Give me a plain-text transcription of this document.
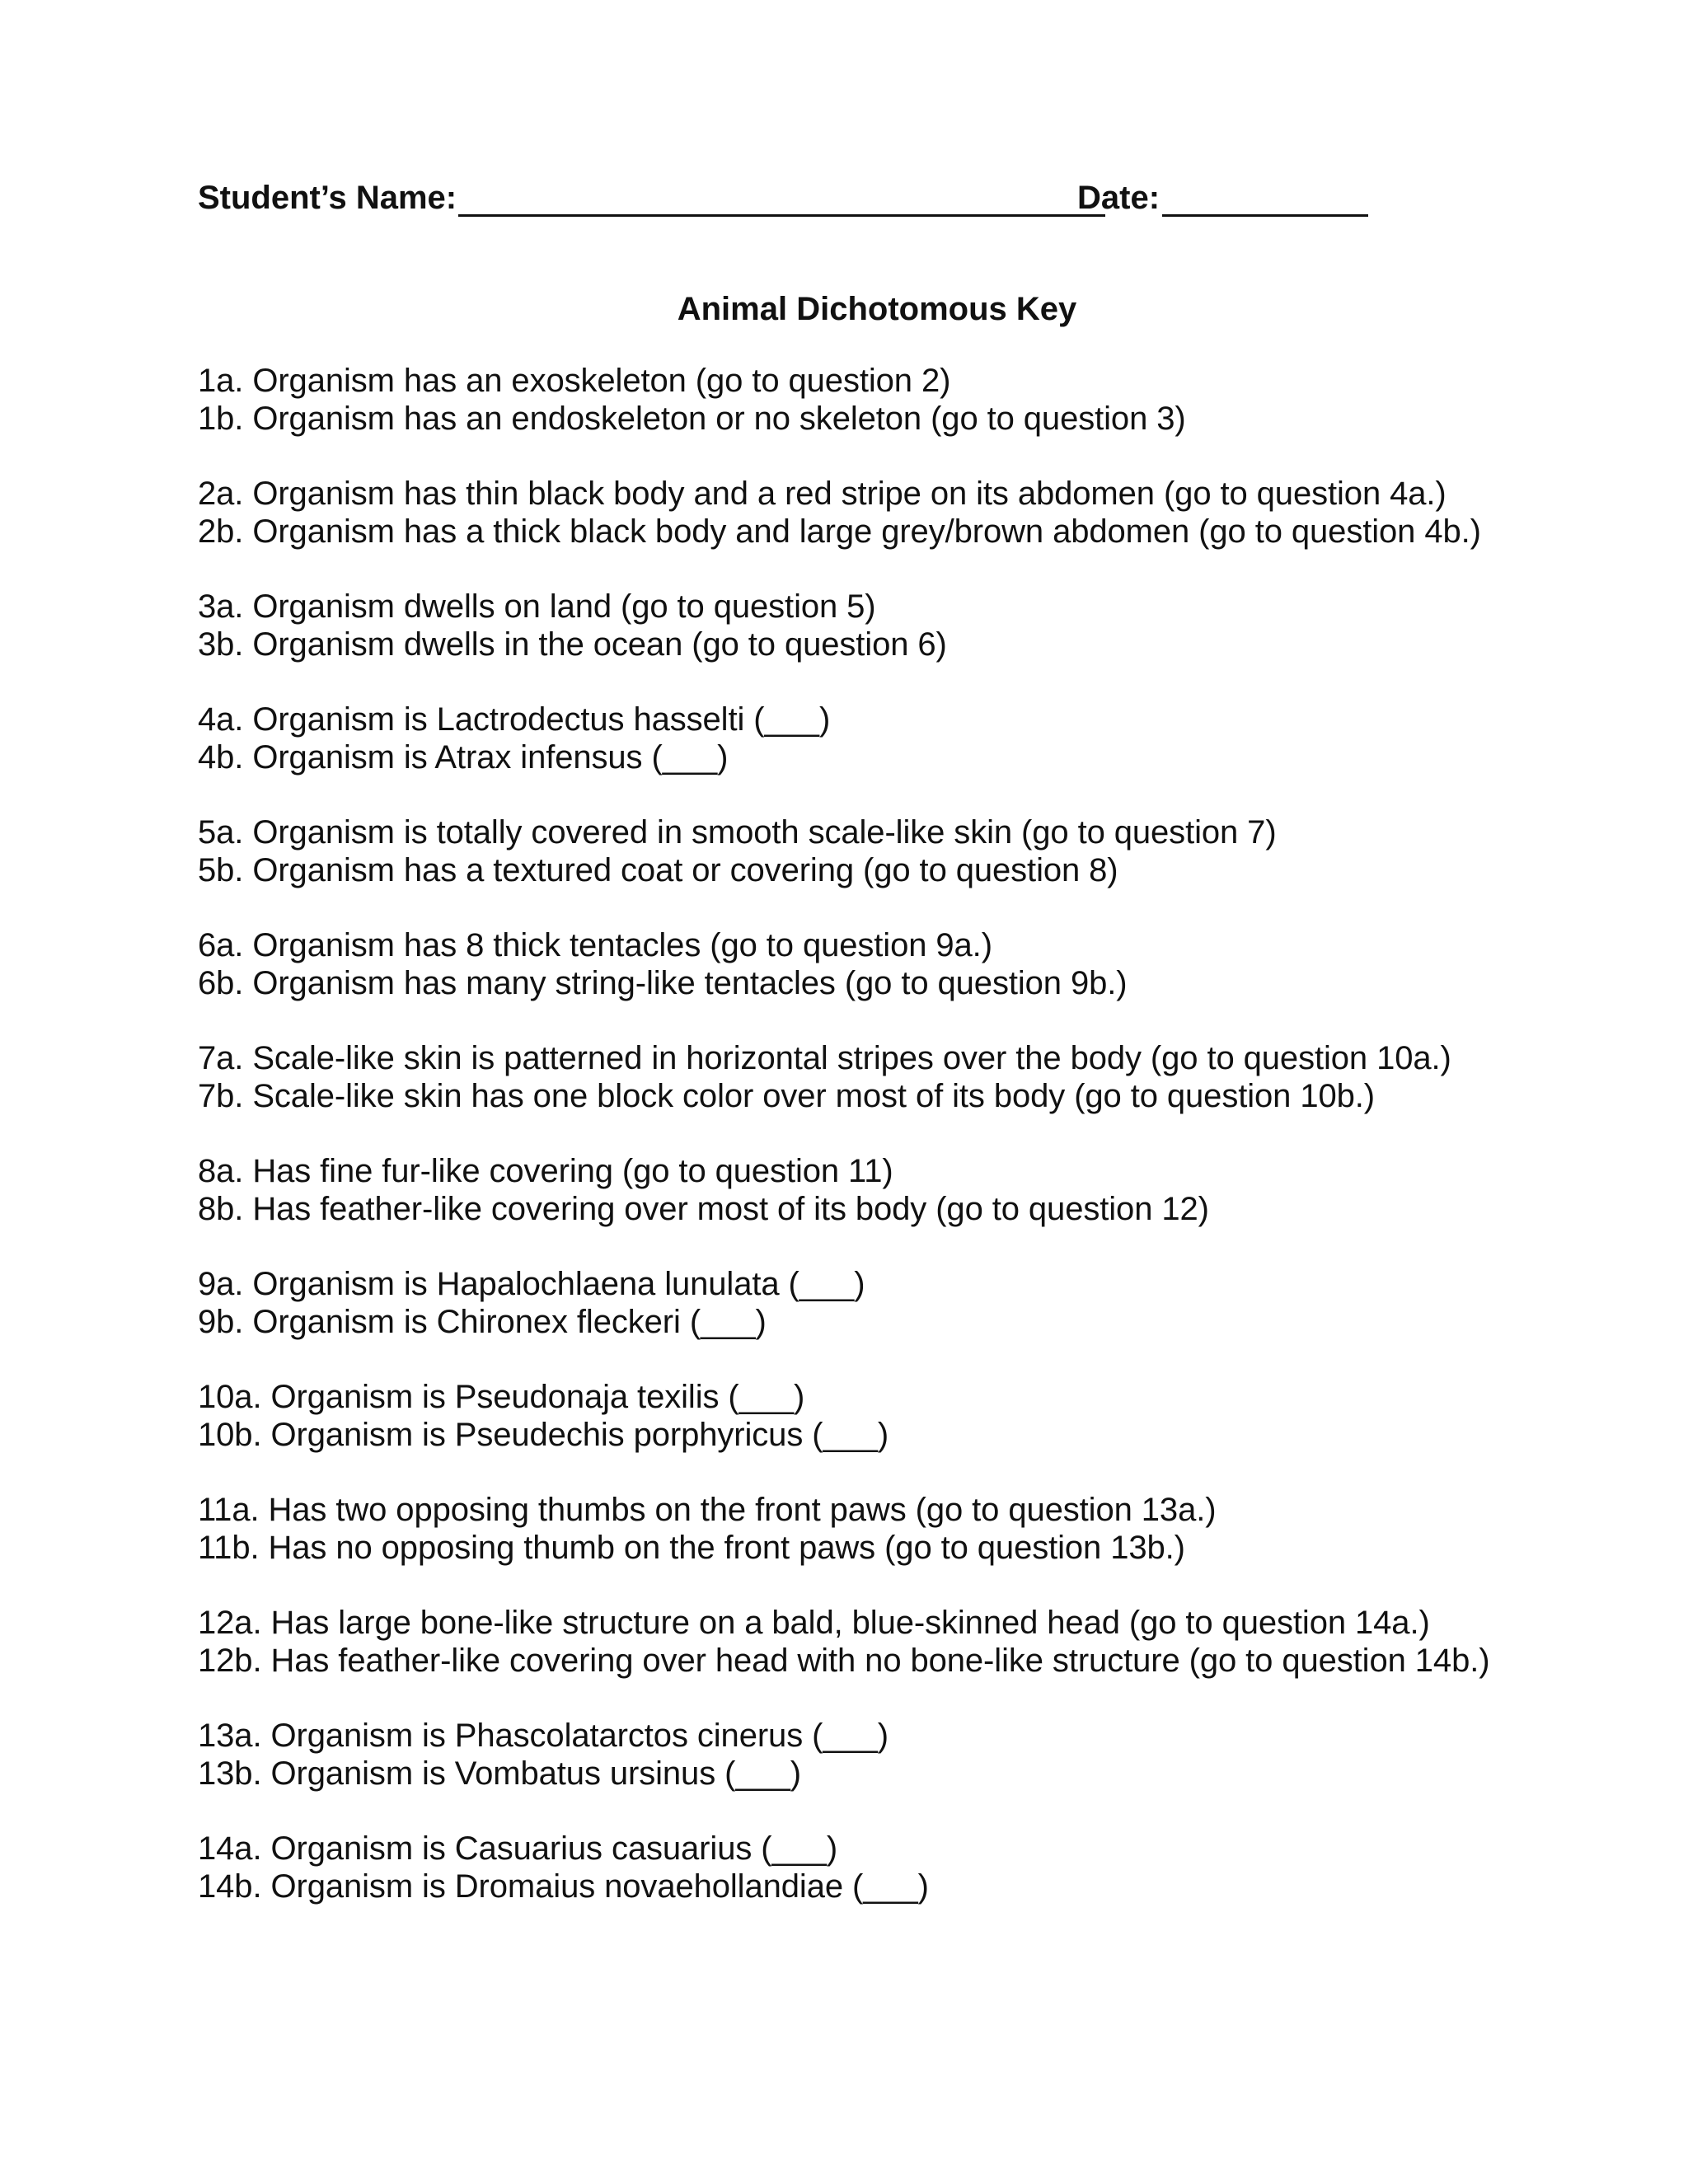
Student’s Name:	Date:
Animal Dichotomous Key
1a. Organism has an exoskeleton (go to question 2)
1b. Organism has an endoskeleton or no skeleton (go to question 3)
2a. Organism has thin black body and a red stripe on its abdomen (go to question 4a.)
2b. Organism has a thick black body and large grey/brown abdomen (go to question 4b.)
3a. Organism dwells on land (go to question 5)
3b. Organism dwells in the ocean (go to question 6)
4a. Organism is Lactrodectus hasselti (___)
4b. Organism is Atrax infensus (___)
5a. Organism is totally covered in smooth scale-like skin (go to question 7)
5b. Organism has a textured coat or covering (go to question 8)
6a. Organism has 8 thick tentacles (go to question 9a.)
6b. Organism has many string-like tentacles (go to question 9b.)
7a. Scale-like skin is patterned in horizontal stripes over the body (go to question 10a.)
7b. Scale-like skin has one block color over most of its body (go to question 10b.)
8a. Has fine fur-like covering (go to question 11)
8b. Has feather-like covering over most of its body (go to question 12)
9a. Organism is Hapalochlaena lunulata (___)
9b. Organism is Chironex fleckeri (___)
10a. Organism is Pseudonaja texilis (___)
10b. Organism is Pseudechis porphyricus (___)
11a. Has two opposing thumbs on the front paws (go to question 13a.)
11b. Has no opposing thumb on the front paws (go to question 13b.)
12a. Has large bone-like structure on a bald, blue-skinned head (go to question 14a.)
12b. Has feather-like covering over head with no bone-like structure (go to question 14b.)
13a. Organism is Phascolatarctos cinerus (___)
13b. Organism is Vombatus ursinus (___)
14a. Organism is Casuarius casuarius (___)
14b. Organism is Dromaius novaehollandiae (___)
